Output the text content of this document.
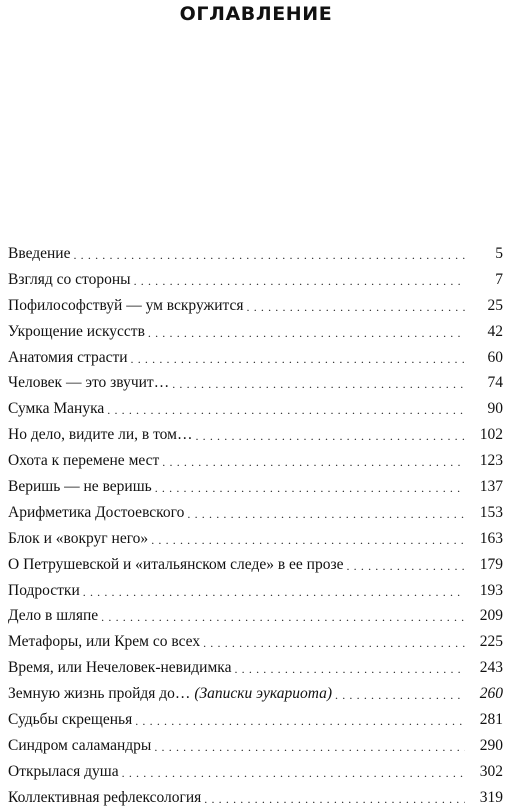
ОГЛАВЛЕНИЕ
Введение . . .	5
Взгляд со стороны . . .	7
Пофилософствуй — ум вскружится . . .	25
Укрощение искусств . . .	42
Анатомия страсти . . .	60
Человек — это звучит… . . .	74
Сумка Манука . . .	90
Но дело, видите ли, в том… . . .	102
Охота к перемене мест . . .	123
Веришь — не веришь . . .	137
Арифметика Достоевского . . .	153
Блок и «вокруг него» . . .	163
О Петрушевской и «итальянском следе» в ее прозе . . .	179
Подростки . . .	193
Дело в шляпе . . .	209
Метафоры, или Крем со всех . . .	225
Время, или Нечеловек-невидимка . . .	243
Земную жизнь пройдя до… (Записки эукариота) . . .	260
Судьбы скрещенья . . .	281
Синдром саламандры . . .	290
Открылася душа . . .	302
Коллективная рефлексология . . .	319
